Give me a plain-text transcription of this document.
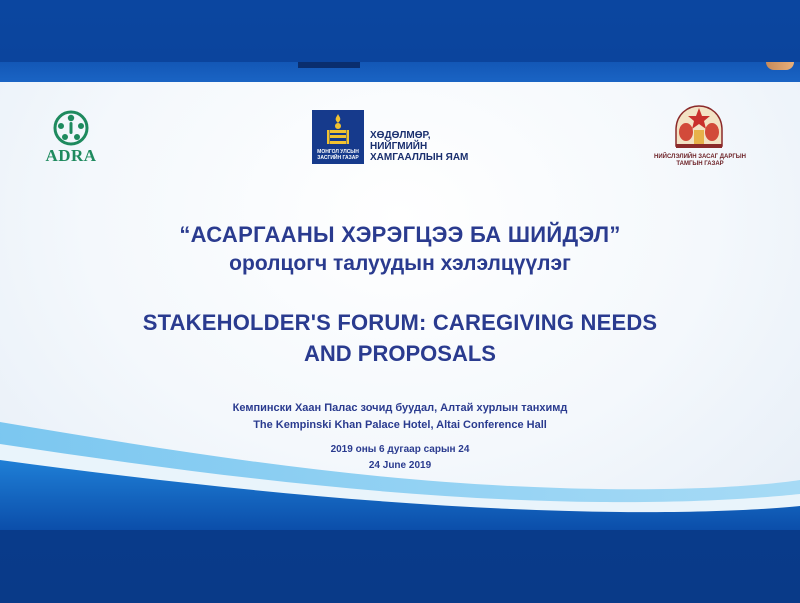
ADRA	МОНГОЛ УЛСЫН
ЗАСГИЙН ГАЗАР
ХӨДӨЛМӨР,
НИЙГМИЙН
ХАМГААЛЛЫН ЯАМ	НИЙСЛЭЛИЙН ЗАСАГ ДАРГЫН
ТАМГЫН ГАЗАР
“АСАРГААНЫ ХЭРЭГЦЭЭ БА ШИЙДЭЛ”
оролцогч талуудын хэлэлцүүлэг
STAKEHOLDER'S FORUM: CAREGIVING NEEDS
AND PROPOSALS
Кемпински Хаан Палас зочид буудал, Алтай хурлын танхимд
The Kempinski Khan Palace Hotel, Altai Conference Hall
2019 оны 6 дугаар сарын 24
24 June 2019
